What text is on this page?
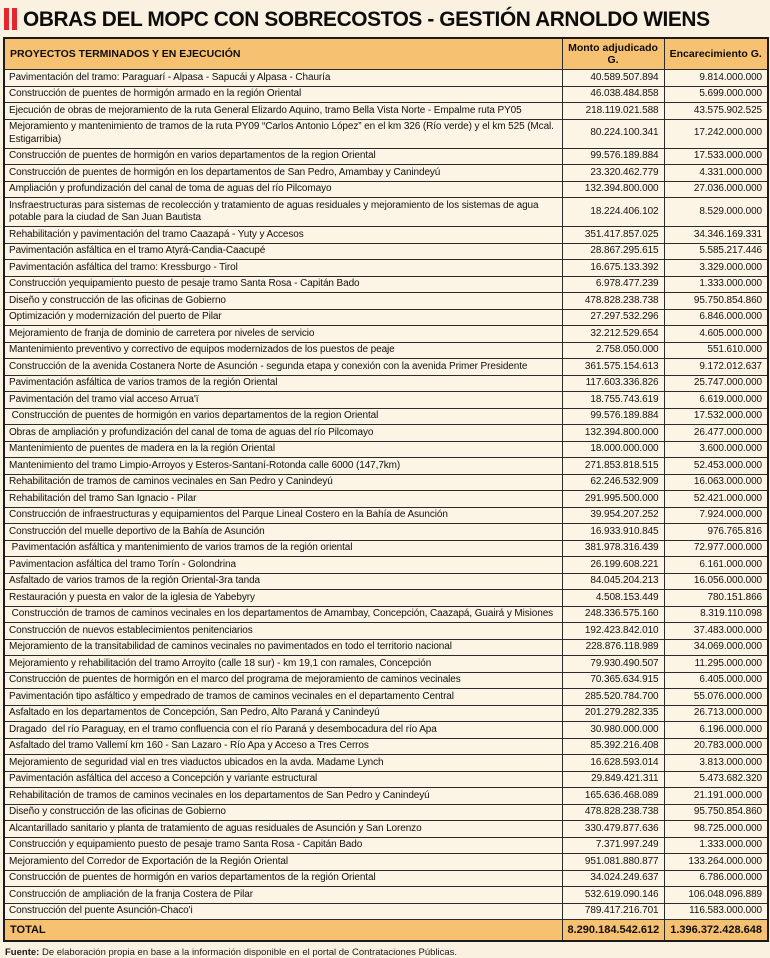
OBRAS DEL MOPC CON SOBRECOSTOS - GESTIÓN ARNOLDO WIENS
PROYECTOS TERMINADOS Y EN EJECUCIÓN	Monto adjudicado G.	Encarecimiento G.
Pavimentación del tramo: Paraguarí - Alpasa - Sapucái y Alpasa - Chauría	40.589.507.894	9.814.000.000
Construcción de puentes de hormigón armado en la región Oriental	46.038.484.858	5.699.000.000
Ejecución de obras de mejoramiento de la ruta General Elizardo Aquino, tramo Bella Vista Norte - Empalme ruta PY05	218.119.021.588	43.575.902.525
Mejoramiento y mantenimiento de tramos de la ruta PY09 “Carlos Antonio López” en el km 326 (Río verde) y el km 525 (Mcal. Estigarribia)	80.224.100.341	17.242.000.000
Construcción de puentes de hormigón en varios departamentos de la region Oriental	99.576.189.884	17.533.000.000
Construcción de puentes de hormigón en los departamentos de San Pedro, Amambay y Canindeyú	23.320.462.779	4.331.000.000
Ampliación y profundización del canal de toma de aguas del río Pilcomayo	132.394.800.000	27.036.000.000
Insfraestructuras para sistemas de recolección y tratamiento de aguas residuales y mejoramiento de los sistemas de agua potable para la ciudad de San Juan Bautista	18.224.406.102	8.529.000.000
Rehabilitación y pavimentación del tramo Caazapá - Yuty y Accesos	351.417.857.025	34.346.169.331
Pavimentación asfáltica en el tramo Atyrá-Candia-Caacupé	28.867.295.615	5.585.217.446
Pavimentación asfáltica del tramo: Kressburgo - Tirol	16.675.133.392	3.329.000.000
Construcción yequipamiento puesto de pesaje tramo Santa Rosa - Capitán Bado	6.978.477.239	1.333.000.000
Diseño y construcción de las oficinas de Gobierno	478.828.238.738	95.750.854.860
Optimización y modernización del puerto de Pilar	27.297.532.296	6.846.000.000
Mejoramiento de franja de dominio de carretera por niveles de servicio	32.212.529.654	4.605.000.000
Mantenimiento preventivo y correctivo de equipos modernizados de los puestos de peaje	2.758.050.000	551.610.000
Construcción de la avenida Costanera Norte de Asunción - segunda etapa y conexión con la avenida Primer Presidente	361.575.154.613	9.172.012.637
Pavimentación asfáltica de varios tramos de la región Oriental	117.603.336.826	25.747.000.000
Pavimentación del tramo vial acceso Arrua'ï	18.755.743.619	6.619.000.000
Construcción de puentes de hormigón en varios departamentos de la region Oriental	99.576.189.884	17.532.000.000
Obras de ampliación y profundización del canal de toma de aguas del río Pilcomayo	132.394.800.000	26.477.000.000
Mantenimiento de puentes de madera en la la región Oriental	18.000.000.000	3.600.000.000
Mantenimiento del tramo Limpio-Arroyos y Esteros-Santaní-Rotonda calle 6000 (147,7km)	271.853.818.515	52.453.000.000
Rehabilitación de tramos de caminos vecinales en San Pedro y Canindeyú	62.246.532.909	16.063.000.000
Rehabilitación del tramo San Ignacio - Pilar	291.995.500.000	52.421.000.000
Construcción de infraestructuras y equipamientos del Parque Lineal Costero en la Bahía de Asunción	39.954.207.252	7.924.000.000
Construcción del muelle deportivo de la Bahía de Asunción	16.933.910.845	976.765.816
Pavimentación asfáltica y mantenimiento de varios tramos de la región oriental	381.978.316.439	72.977.000.000
Pavimentacion asfáltica del tramo Torín - Golondrina	26.199.608.221	6.161.000.000
Asfaltado de varios tramos de la región Oriental-3ra tanda	84.045.204.213	16.056.000.000
Restauración y puesta en valor de la iglesia de Yabebyry	4.508.153.449	780.151.866
Construcción de tramos de caminos vecinales en los departamentos de Amambay, Concepción, Caazapá, Guairá y Misiones	248.336.575.160	8.319.110.098
Construcción de nuevos establecimientos penitenciarios	192.423.842.010	37.483.000.000
Mejoramiento de la transitabilidad de caminos vecinales no pavimentados en todo el territorio nacional	228.876.118.989	34.069.000.000
Mejoramiento y rehabilitación del tramo Arroyito (calle 18 sur) - km 19,1 con ramales, Concepción	79.930.490.507	11.295.000.000
Construcción de puentes de hormigón en el marco del programa de mejoramiento de caminos vecinales	70.365.634.915	6.405.000.000
Pavimentación tipo asfáltico y empedrado de tramos de caminos vecinales en el departamento Central	285.520.784.700	55.076.000.000
Asfaltado en los departamentos de Concepción, San Pedro, Alto Paraná y Canindeyú	201.279.282.335	26.713.000.000
Dragado  del río Paraguay, en el tramo confluencia con el río Paraná y desembocadura del río Apa	30.980.000.000	6.196.000.000
Asfaltado del tramo Vallemí km 160 - San Lazaro - Río Apa y Acceso a Tres Cerros	85.392.216.408	20.783.000.000
Mejoramiento de seguridad vial en tres viaductos ubicados en la avda. Madame Lynch	16.628.593.014	3.813.000.000
Pavimentación asfáltica del acceso a Concepción y variante estructural	29.849.421.311	5.473.682.320
Rehabilitación de tramos de caminos vecinales en los departamentos de San Pedro y Canindeyú	165.636.468.089	21.191.000.000
Diseño y construcción de las oficinas de Gobierno	478.828.238.738	95.750.854.860
Alcantarillado sanitario y planta de tratamiento de aguas residuales de Asunción y San Lorenzo	330.479.877.636	98.725.000.000
Construcción y equipamiento puesto de pesaje tramo Santa Rosa - Capitán Bado	7.371.997.249	1.333.000.000
Mejoramiento del Corredor de Exportación de la Región Oriental	951.081.880.877	133.264.000.000
Construcción de puentes de hormigón en varios departamentos de la región Oriental	34.024.249.637	6.786.000.000
Construcción de ampliación de la franja Costera de Pilar	532.619.090.146	106.048.096.889
Construcción del puente Asunción-Chaco'i	789.417.216.701	116.583.000.000
TOTAL	8.290.184.542.612	1.396.372.428.648
Fuente: De elaboración propia en base a la información disponible en el portal de Contrataciones Públicas.
